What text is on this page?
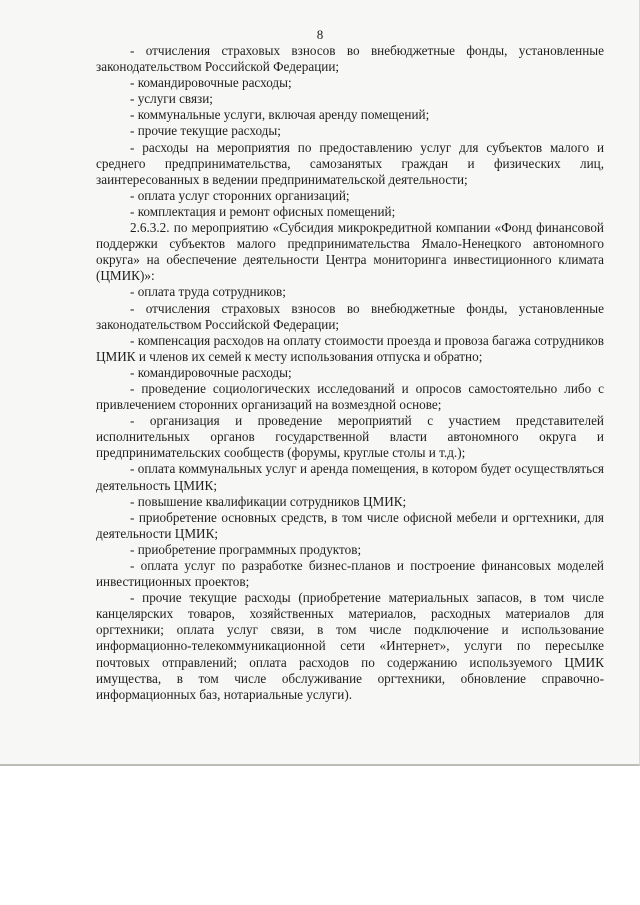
8

- отчисления страховых взносов во внебюджетные фонды, установленные законодательством Российской Федерации;

- командировочные расходы;

- услуги связи;

- коммунальные услуги, включая аренду помещений;

- прочие текущие расходы;

- расходы на мероприятия по предоставлению услуг для субъектов малого и среднего предпринимательства, самозанятых граждан и физических лиц, заинтересованных в ведении предпринимательской деятельности;

- оплата услуг сторонних организаций;

- комплектация и ремонт офисных помещений;

2.6.3.2. по мероприятию «Субсидия микрокредитной компании «Фонд финансовой поддержки субъектов малого предпринимательства Ямало-Ненецкого автономного округа» на обеспечение деятельности Центра мониторинга инвестиционного климата (ЦМИК)»:

- оплата труда сотрудников;

- отчисления страховых взносов во внебюджетные фонды, установленные законодательством Российской Федерации;

- компенсация расходов на оплату стоимости проезда и провоза багажа сотрудников ЦМИК и членов их семей к месту использования отпуска и обратно;

- командировочные расходы;

- проведение социологических исследований и опросов самостоятельно либо с привлечением сторонних организаций на возмездной основе;

- организация и проведение мероприятий с участием представителей исполнительных органов государственной власти автономного округа и предпринимательских сообществ (форумы, круглые столы и т.д.);

- оплата коммунальных услуг и аренда помещения, в котором будет осуществляться деятельность ЦМИК;

- повышение квалификации сотрудников ЦМИК;

- приобретение основных средств, в том числе офисной мебели и оргтехники, для деятельности ЦМИК;

- приобретение программных продуктов;

- оплата услуг по разработке бизнес-планов и построение финансовых моделей инвестиционных проектов;

- прочие текущие расходы (приобретение материальных запасов, в том числе канцелярских товаров, хозяйственных материалов, расходных материалов для оргтехники; оплата услуг связи, в том числе подключение и использование информационно-телекоммуникационной сети «Интернет», услуги по пересылке почтовых отправлений; оплата расходов по содержанию используемого ЦМИК имущества, в том числе обслуживание оргтехники, обновление справочно-информационных баз, нотариальные услуги).
